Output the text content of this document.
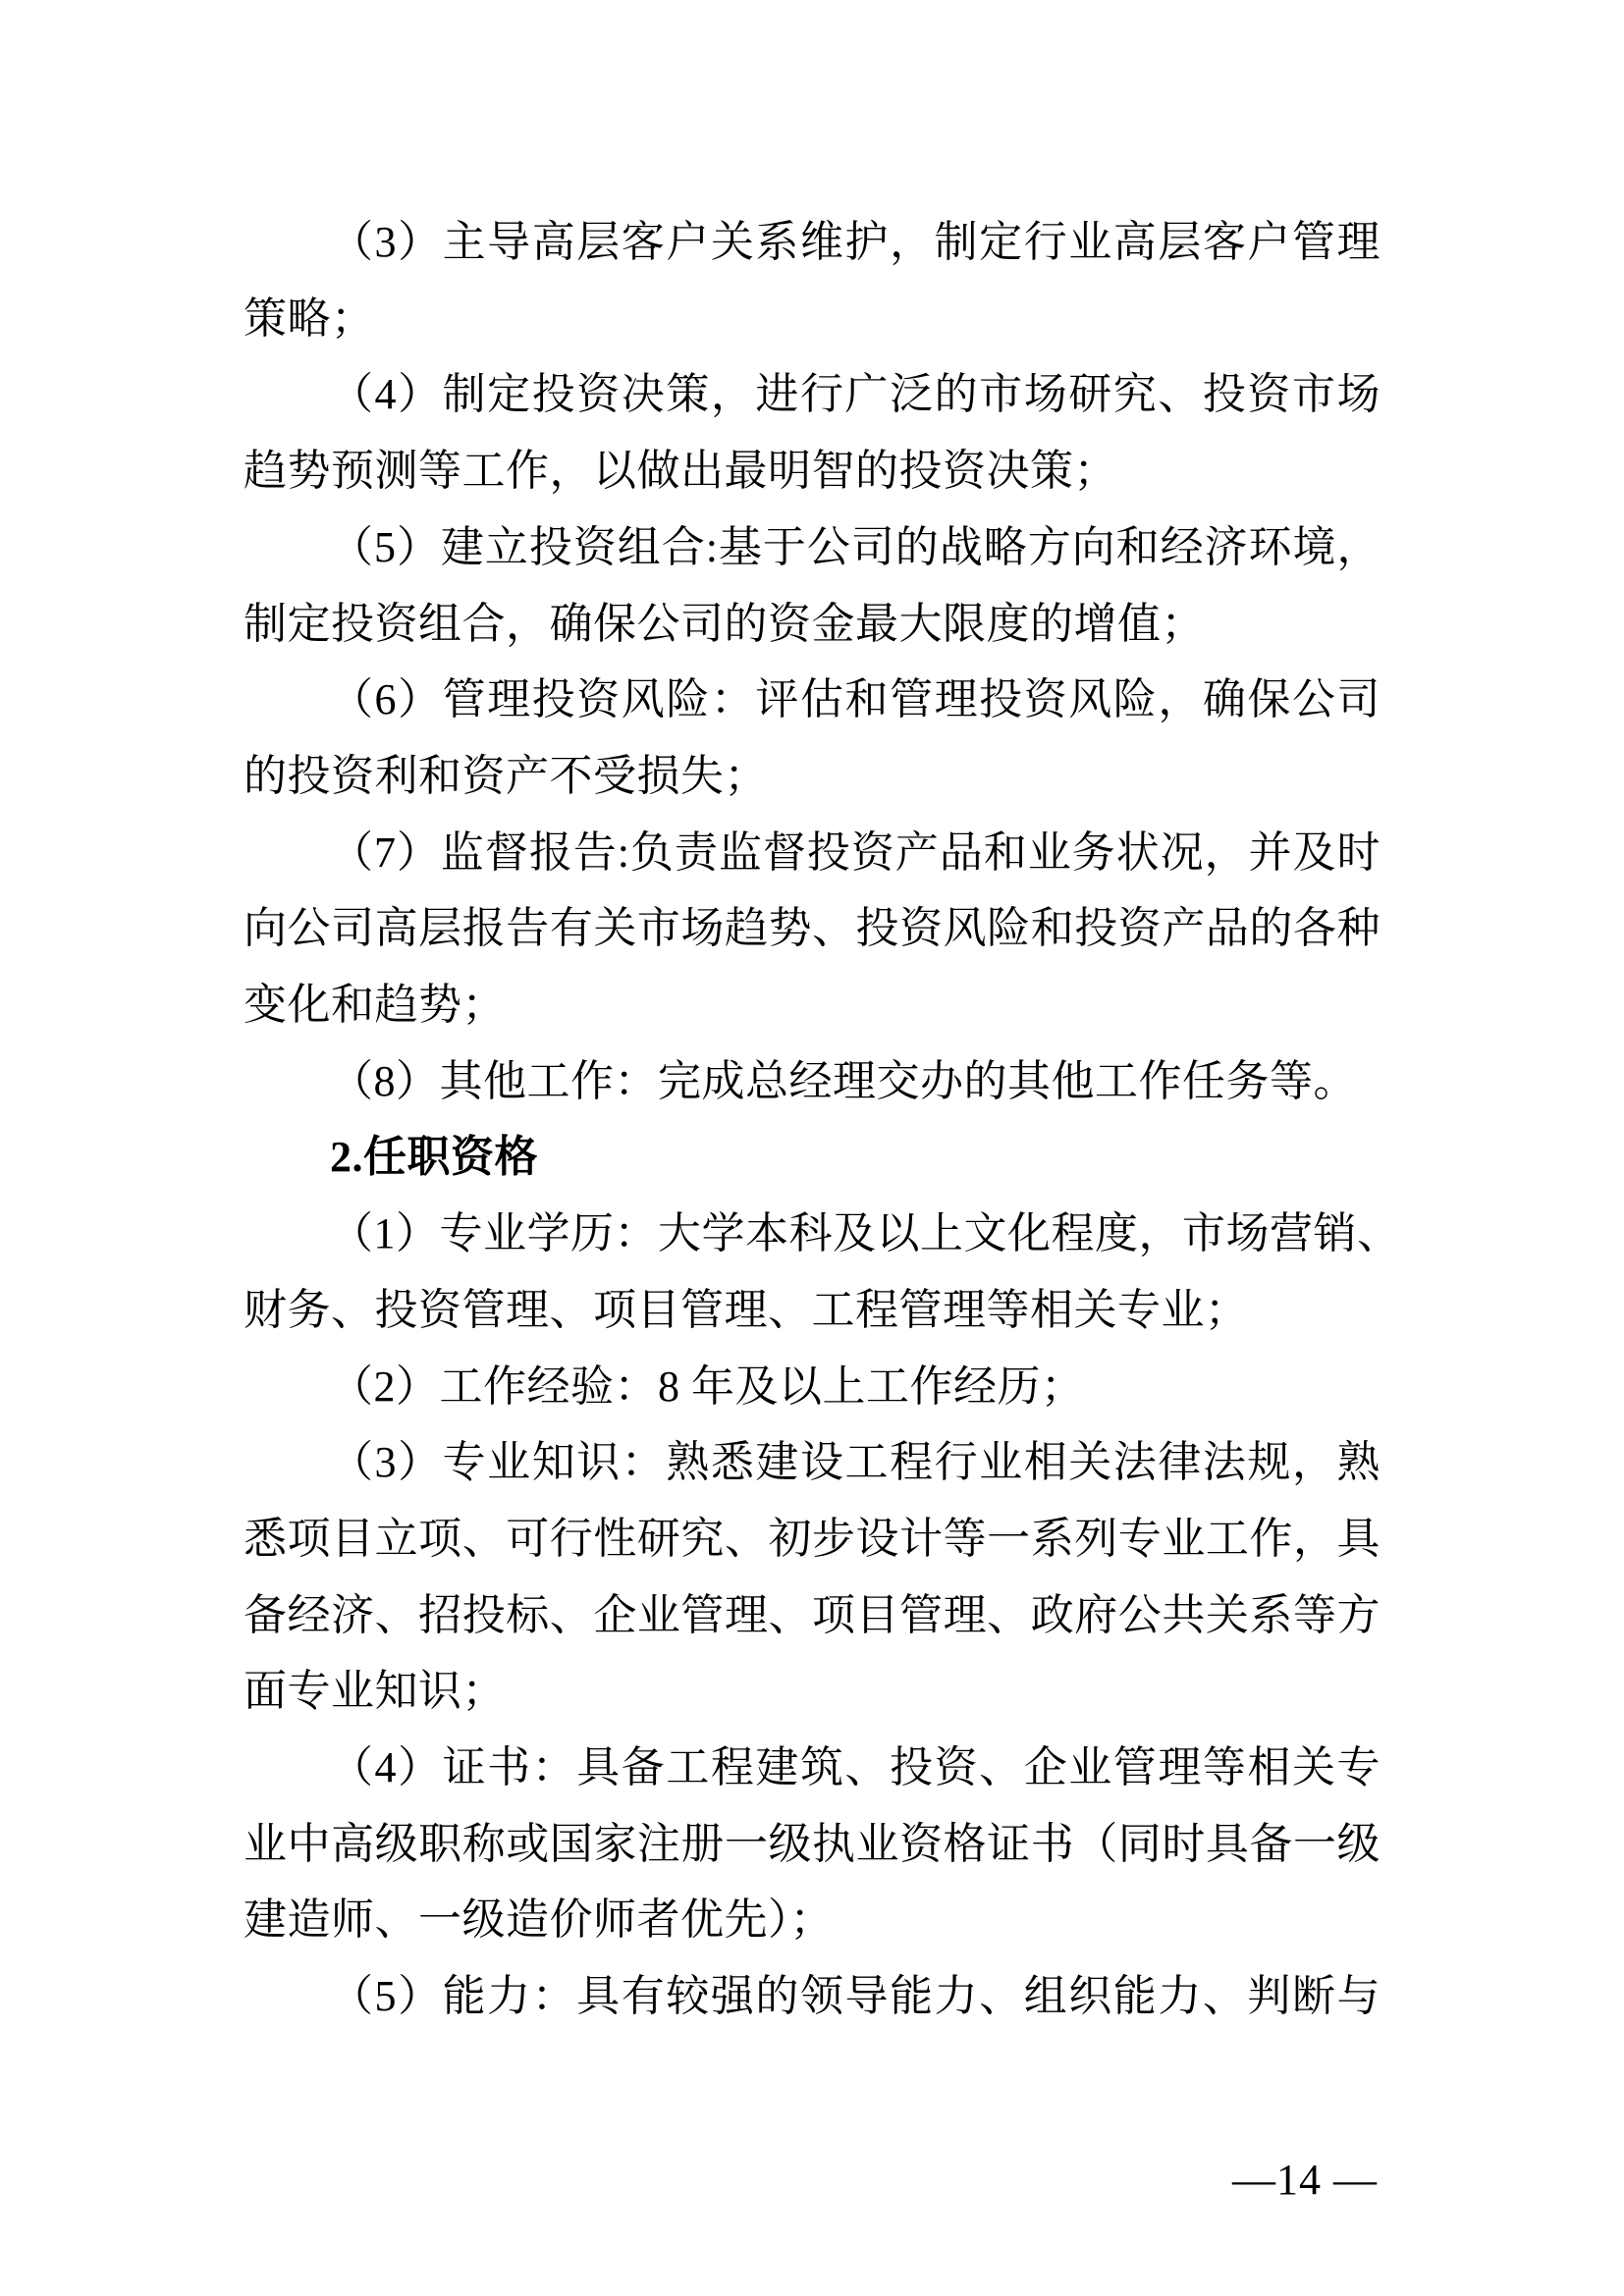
（3）主导高层客户关系维护，制定行业高层客户管理
策略；
（4）制定投资决策，进行广泛的市场研究、投资市场
趋势预测等工作，以做出最明智的投资决策；
（5）建立投资组合:基于公司的战略方向和经济环境，
制定投资组合，确保公司的资金最大限度的增值；
（6）管理投资风险：评估和管理投资风险，确保公司
的投资利和资产不受损失；
（7）监督报告:负责监督投资产品和业务状况，并及时
向公司高层报告有关市场趋势、投资风险和投资产品的各种
变化和趋势；
（8）其他工作：完成总经理交办的其他工作任务等。
2.任职资格
（1）专业学历：大学本科及以上文化程度，市场营销、
财务、投资管理、项目管理、工程管理等相关专业；
（2）工作经验：8 年及以上工作经历；
（3）专业知识：熟悉建设工程行业相关法律法规，熟
悉项目立项、可行性研究、初步设计等一系列专业工作，具
备经济、招投标、企业管理、项目管理、政府公共关系等方
面专业知识；
（4）证书：具备工程建筑、投资、企业管理等相关专
业中高级职称或国家注册一级执业资格证书（同时具备一级
建造师、一级造价师者优先）；
（5）能力：具有较强的领导能力、组织能力、判断与
—14 —
